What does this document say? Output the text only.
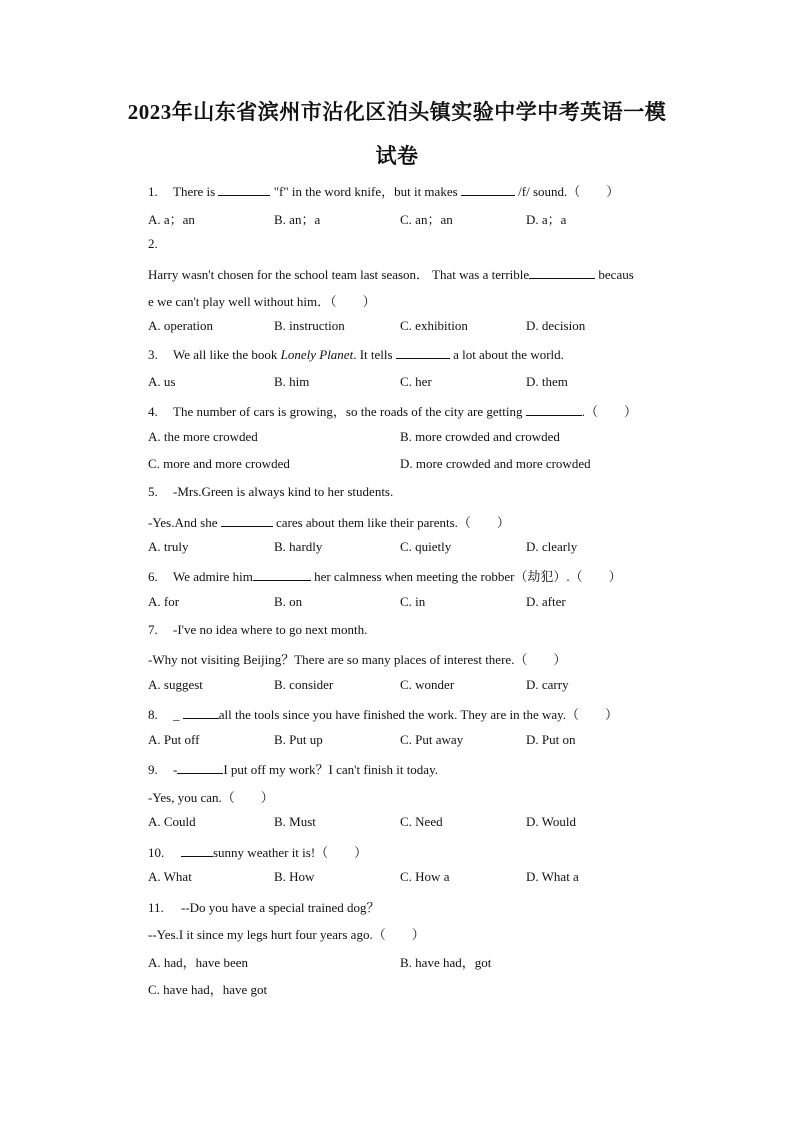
2023年山东省滨州市沾化区泊头镇实验中学中考英语一模
试卷
1. There is	"f" in the word knife，but it makes	/f/ sound.（　　）
A. a；an	B. an；a	C. an；an	D. a；a
2.
Harry wasn't chosen for the school team last season． That was a terrible	becaus
e we can't play well without him．（　　）
A. operation	B. instruction	C. exhibition	D. decision
3. We all like the book Lonely Planet. It tells	a lot about the world.
A. us	B. him	C. her	D. them
4. The number of cars is growing，so the roads of the city are getting	.（　　）
A. the more crowded	B. more crowded and crowded
C. more and more crowded	D. more crowded and more crowded
5. -Mrs.Green is always kind to her students.
-Yes.And she	cares about them like their parents.（　　）
A. truly	B. hardly	C. quietly	D. clearly
6. We admire him	her calmness when meeting the robber（劫犯）.（　　）
A. for	B. on	C. in	D. after
7. -I've no idea where to go next month.
-Why not visiting Beijing？There are so many places of interest there.（　　）
A. suggest	B. consider	C. wonder	D. carry
8. _	all the tools since you have finished the work. They are in the way.（　　）
A. Put off	B. Put up	C. Put away	D. Put on
9. -	I put off my work？I can't finish it today.
-Yes, you can.（　　）
A. Could	B. Must	C. Need	D. Would
10.	sunny weather it is!（　　）
A. What	B. How	C. How a	D. What a
11. --Do you have a special trained dog？
--Yes.I it since my legs hurt four years ago.（　　）
A. had，have been	B. have had，got
C. have had，have got
